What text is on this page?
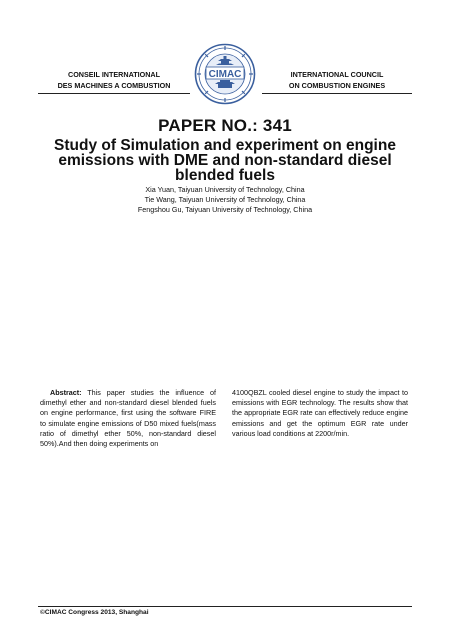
CONSEIL INTERNATIONAL
DES MACHINES A COMBUSTION
INTERNATIONAL COUNCIL
ON COMBUSTION ENGINES
CIMAC
PAPER NO.: 341
Study of Simulation and experiment on engine emissions with DME and non-standard diesel blended fuels
Xia Yuan, Taiyuan University of Technology, China
Tie Wang, Taiyuan University of Technology, China
Fengshou Gu, Taiyuan University of Technology, China
Abstract: This paper studies the influence of dimethyl ether and non-standard diesel blended fuels on engine performance, first using the software FIRE to simulate engine emissions of D50 mixed fuels(mass ratio of dimethyl ether 50%, non-standard diesel 50%).And then doing experiments on
4100QBZL cooled diesel engine to study the impact to emissions with EGR technology. The results show that the appropriate EGR rate can effectively reduce engine emissions and get the optimum EGR rate under various load conditions at 2200r/min.
©CIMAC Congress 2013, Shanghai
